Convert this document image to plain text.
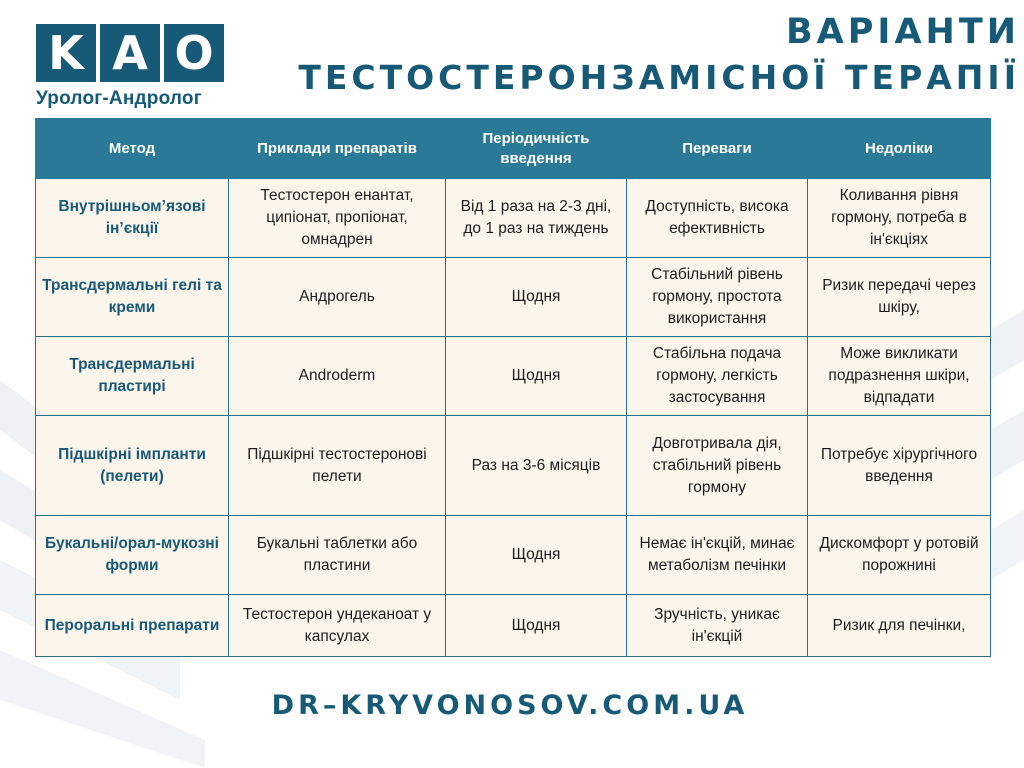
K A O
Уролог-Андролог
ВАРІАНТИ
ТЕСТОСТЕРОНЗАМІСНОЇ ТЕРАПІЇ
Метод	Приклади препаратів	Періодичність введення	Переваги	Недоліки
Внутрішньом’язові ін’єкції	Тестостерон енантат, ципіонат, пропіонат, омнадрен	Від 1 раза на 2-3 дні, до 1 раз на тиждень	Доступність, висока ефективність	Коливання рівня гормону, потреба в ін'єкціях
Трансдермальні гелі та креми	Андрогель	Щодня	Стабільний рівень гормону, простота використання	Ризик передачі через шкіру,
Трансдермальні пластирі	Androderm	Щодня	Стабільна подача гормону, легкість застосування	Може викликати подразнення шкіри, відпадати
Підшкірні імпланти (пелети)	Підшкірні тестостеронові пелети	Раз на 3-6 місяців	Довготривала дія, стабільний рівень гормону	Потребує хірургічного введення
Букальні/орал-мукозні форми	Букальні таблетки або пластини	Щодня	Немає ін'єкцій, минає метаболізм печінки	Дискомфорт у ротовій порожнині
Пероральні препарати	Тестостерон ундеканоат у капсулах	Щодня	Зручність, уникає ін'єкцій	Ризик для печінки,
DR–KRYVONOSOV.COM.UA
